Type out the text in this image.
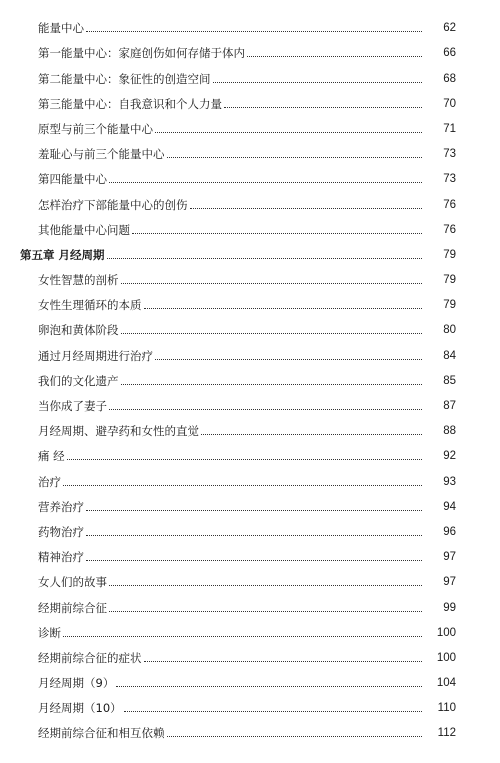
能量中心	62
第一能量中心：家庭创伤如何存储于体内	66
第二能量中心：象征性的创造空间	68
第三能量中心：自我意识和个人力量	70
原型与前三个能量中心	71
羞耻心与前三个能量中心	73
第四能量中心	73
怎样治疗下部能量中心的创伤	76
其他能量中心问题	76
第五章 月经周期	79
女性智慧的剖析	79
女性生理循环的本质	79
卵泡和黄体阶段	80
通过月经周期进行治疗	84
我们的文化遗产	85
当你成了妻子	87
月经周期、避孕药和女性的直觉	88
痛 经	92
治疗	93
营养治疗	94
药物治疗	96
精神治疗	97
女人们的故事	97
经期前综合征	99
诊断	100
经期前综合征的症状	100
月经周期（9）	104
月经周期（10）	110
经期前综合征和相互依赖	112
